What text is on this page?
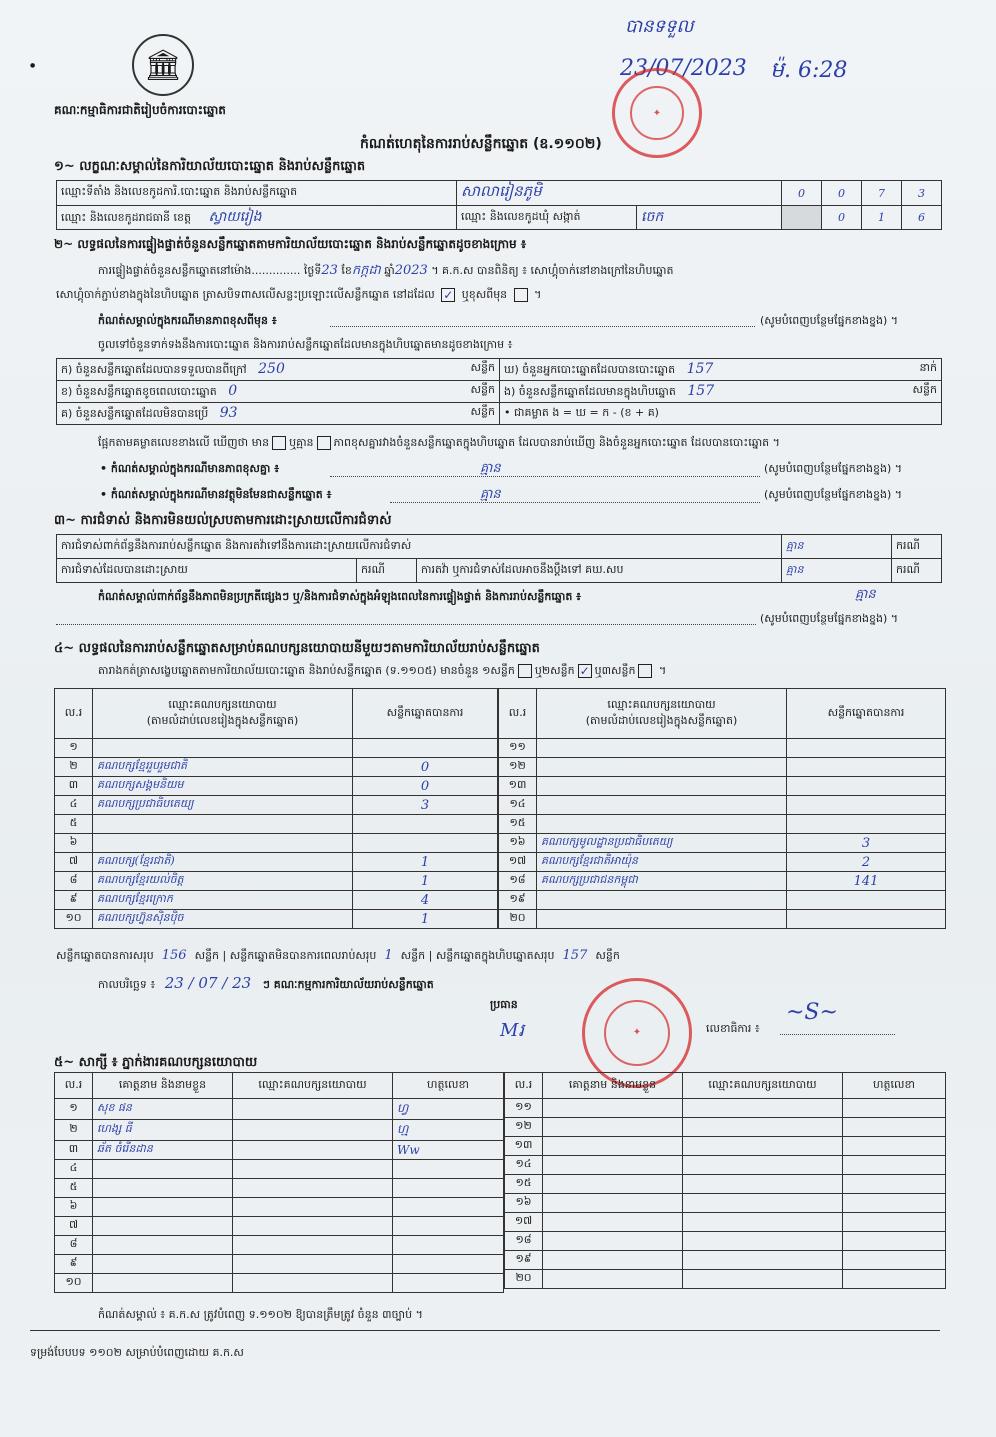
🏛
●
គណៈកម្មាធិការជាតិរៀបចំការបោះឆ្នោត
បានទទួល
23/07/2023 ម៉. 6:28
✦
កំណត់ហេតុនៃការរាប់សន្លឹកឆ្នោត (ឧ.១១០២)
១~ លក្ខណៈសម្គាល់នៃការិយាល័យបោះឆ្នោត និងរាប់សន្លឹកឆ្នោត
ឈ្មោះទីតាំង និងលេខកូដការិ.បោះឆ្នោត និងរាប់សន្លឹកឆ្នោត	សាលារៀនភូមិ		0	0	7	3
ឈ្មោះ និងលេខកូដរាជធានី ខេត្ត ស្វាយរៀង	ឈ្មោះ និងលេខកូដឃុំ សង្កាត់	ចេក		0	1	6
២~ លទ្ធផលនៃការផ្ទៀងផ្ទាត់ចំនួនសន្លឹកឆ្នោតតាមការិយាល័យបោះឆ្នោត និងរាប់សន្លឹកឆ្នោតដូចខាងក្រោម ៖
ការផ្ទៀងផ្ទាត់ចំនួនសន្លឹកឆ្នោតនៅម៉ោង.............. ថ្ងៃទី23 ខែកក្កដា ឆ្នាំ2023 ។ គ.ក.ស បានពិនិត្យ ៖ សោហ្គុំចាក់នៅខាងក្រៅនៃហិបឆ្នោត
សោហ្គុំចាក់ភ្ជាប់ខាងក្នុងនៃហិបឆ្នោត ត្រាសបិទពាសលើសន្លះប្រឡោះលើសន្លឹកឆ្នោត នៅដដែល ✓ ឬខុសពីមុន  ។
កំណត់សម្គាល់ក្នុងករណីមានភាពខុសពីមុន ៖	(សូមបំពេញបន្ថែមផ្នែកខាងខ្នង) ។
ចូលទៅចំនួនទាក់ទងនឹងការបោះឆ្នោត និងការរាប់សន្លឹកឆ្នោតដែលមានក្នុងហិបឆ្នោតមានដូចខាងក្រោម ៖
ក) ចំនួនសន្លឹកឆ្នោតដែលបានទទួលបានពីក្រៅ 250 សន្លឹក	ឃ) ចំនួនអ្នកបោះឆ្នោតដែលបានបោះឆ្នោត 157 នាក់

ខ) ចំនួនសន្លឹកឆ្នោតខូចពេលបោះឆ្នោត 0 សន្លឹក	ង) ចំនួនសន្លឹកឆ្នោតដែលមានក្នុងហិបឆ្នោត 157 សន្លឹក

គ) ចំនួនសន្លឹកឆ្នោតដែលមិនបានប្រើ 93 សន្លឹក	• ជាគម្លាត ង = ឃ = ក - (ខ + គ)
ផ្អែកតាមគម្លាតលេខខាងលើ ឃើញថា មាន ឬគ្មាន ភាពខុសគ្នារវាងចំនួនសន្លឹកឆ្នោតក្នុងហិបឆ្នោត ដែលបានរាប់ឃើញ និងចំនួនអ្នកបោះឆ្នោត ដែលបានបោះឆ្នោត ។
• កំណត់សម្គាល់ក្នុងករណីមានភាពខុសគ្នា ៖	គ្មាន	(សូមបំពេញបន្ថែមផ្នែកខាងខ្នង) ។
• កំណត់សម្គាល់ក្នុងករណីមានវត្ថុមិនមែនជាសន្លឹកឆ្នោត ៖	គ្មាន	(សូមបំពេញបន្ថែមផ្នែកខាងខ្នង) ។
៣~ ការជំទាស់ និងការមិនយល់ស្របតាមការដោះស្រាយលើការជំទាស់
ការជំទាស់ពាក់ព័ន្ធនឹងការរាប់សន្លឹកឆ្នោត និងការតវ៉ាទៅនឹងការដោះស្រាយលើការជំទាស់			គ្មាន	ករណី
ការជំទាស់ដែលបានដោះស្រាយ	ករណី	ការតវ៉ា ឬការជំទាស់ដែលអាចនឹងប្ដឹងទៅ គឃ.សប	គ្មាន	ករណី
កំណត់សម្គាល់ពាក់ព័ន្ធនឹងភាពមិនប្រក្រតីផ្សេងៗ ឬ/និងការជំទាស់ក្នុងអំឡុងពេលនៃការផ្ទៀងផ្ទាត់ និងការរាប់សន្លឹកឆ្នោត ៖	គ្មាន
(សូមបំពេញបន្ថែមផ្នែកខាងខ្នង) ។
៤~ លទ្ធផលនៃការរាប់សន្លឹកឆ្នោតសម្រាប់គណបក្សនយោបាយនីមួយៗតាមការិយាល័យរាប់សន្លឹកឆ្នោត
តារាងកត់ត្រាសង្ខេបឆ្នោតតាមការិយាល័យបោះឆ្នោត និងរាប់សន្លឹកឆ្នោត (ទ.១១០៥) មានចំនួន ១សន្លឹក ឬ២សន្លឹក ✓ ឬ៣សន្លឹក ។
ល.រ	ឈ្មោះគណបក្សនយោបាយ
(តាមលំដាប់លេខរៀងក្នុងសន្លឹកឆ្នោត)	សន្លឹកឆ្នោតបានការ
១		
២	គណបក្សខ្មែររួបរួមជាតិ	0
៣	គណបក្សសង្គមនិយម	0
៤	គណបក្សប្រជាធិបតេយ្យ	3
៥		
៦		
៧	គណបក្ស(ខ្មែរជាតិ)	1
៨	គណបក្សខ្មែរយល់ចិត្ត	1
៩	គណបក្សខ្មែរក្រោក	4
១០	គណបក្សហ្វ៊ុនស៊ិនប៉ិច	1
ល.រ	ឈ្មោះគណបក្សនយោបាយ
(តាមលំដាប់លេខរៀងក្នុងសន្លឹកឆ្នោត)	សន្លឹកឆ្នោតបានការ
១១		
១២		
១៣		
១៤		
១៥		
១៦	គណបក្សមូលដ្ឋានប្រជាធិបតេយ្យ	3
១៧	គណបក្សខ្មែរជាតិអាយ៉ុន	2
១៨	គណបក្សប្រជាជនកម្ពុជា	141
១៩		
២០		
សន្លឹកឆ្នោតបានការសរុប 156 សន្លឹក | សន្លឹកឆ្នោតមិនបានការពេលរាប់សរុប 1 សន្លឹក | សន្លឹកឆ្នោតក្នុងហិបឆ្នោតសរុប 157 សន្លឹក
កាលបរិច្ឆេទ ៖ 23 / 07 / 23 ៗ គណៈកម្មការការិយាល័យរាប់សន្លឹកឆ្នោត
ប្រធាន
Mរ	✦	លេខាធិការ ៖
~S~
៥~ សាក្សី ៖ ភ្នាក់ងារគណបក្សនយោបាយ
ល.រ	គោត្តនាម និងនាមខ្លួន	ឈ្មោះគណបក្សនយោបាយ	ហត្ថលេខា
១	សុខ ផន		ហ្វ
២	ហេង្ស ធី		ហ្ម
៣	ឆ័ត ចំរើនដាន		Ww
៤			
៥			
៦			
៧			
៨			
៩			
១០			
ល.រ	គោត្តនាម និងនាមខ្លួន	ឈ្មោះគណបក្សនយោបាយ	ហត្ថលេខា
១១			
១២			
១៣			
១៤			
១៥			
១៦			
១៧			
១៨			
១៩			
២០			
កំណត់សម្គាល់ ៖ គ.ក.ស ត្រូវបំពេញ ទ.១១០២ ឱ្យបានត្រឹមត្រូវ ចំនួន ៣ច្បាប់ ។
ទម្រង់បែបបទ ១១០២ សម្រាប់បំពេញដោយ គ.ក.ស
